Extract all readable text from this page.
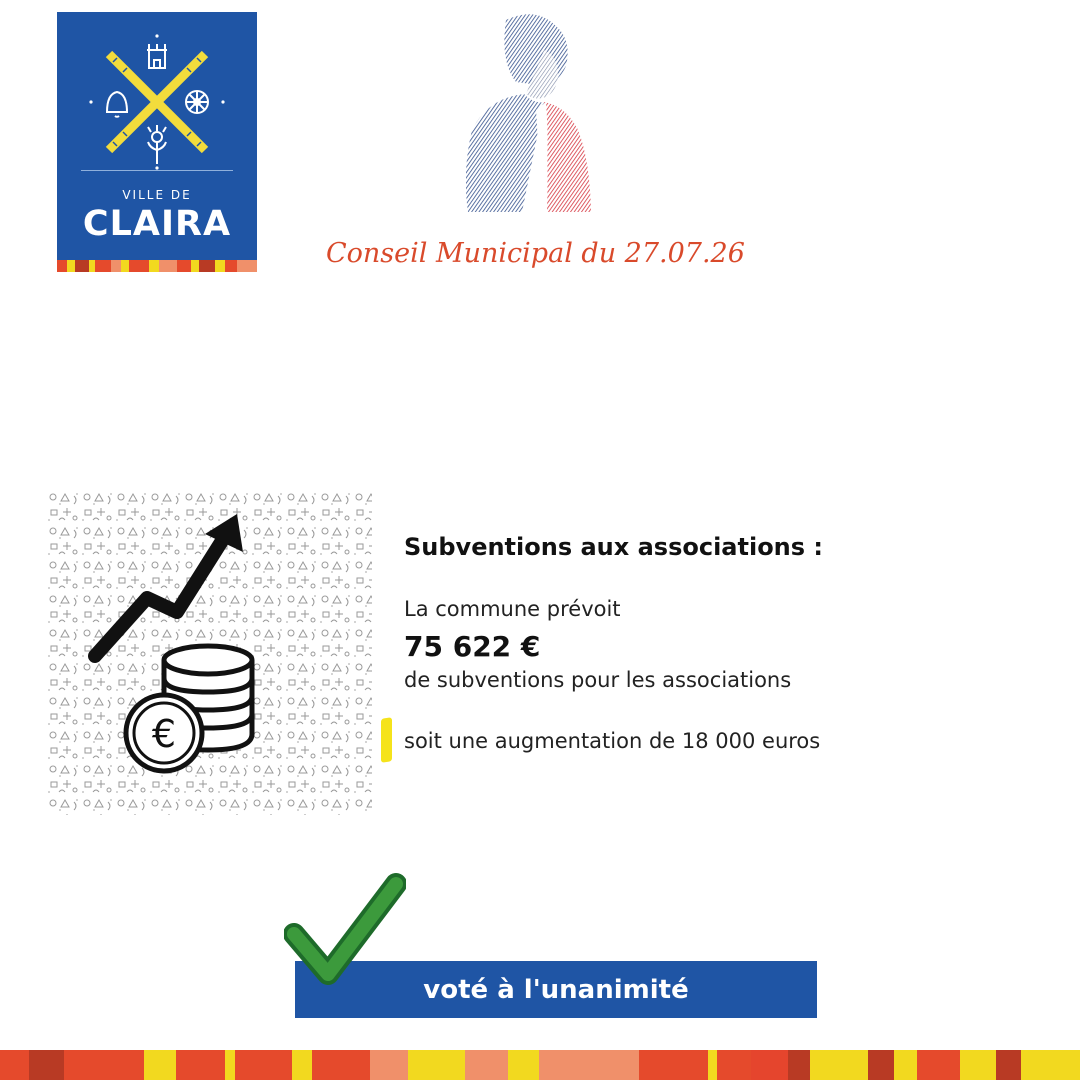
VILLE DE
CLAIRA
Conseil Municipal du 27.07.26
€
Subventions aux associations :
La commune prévoit
75 622 €
de subventions pour les associations
soit une augmentation de 18 000 euros
voté à l'unanimité
